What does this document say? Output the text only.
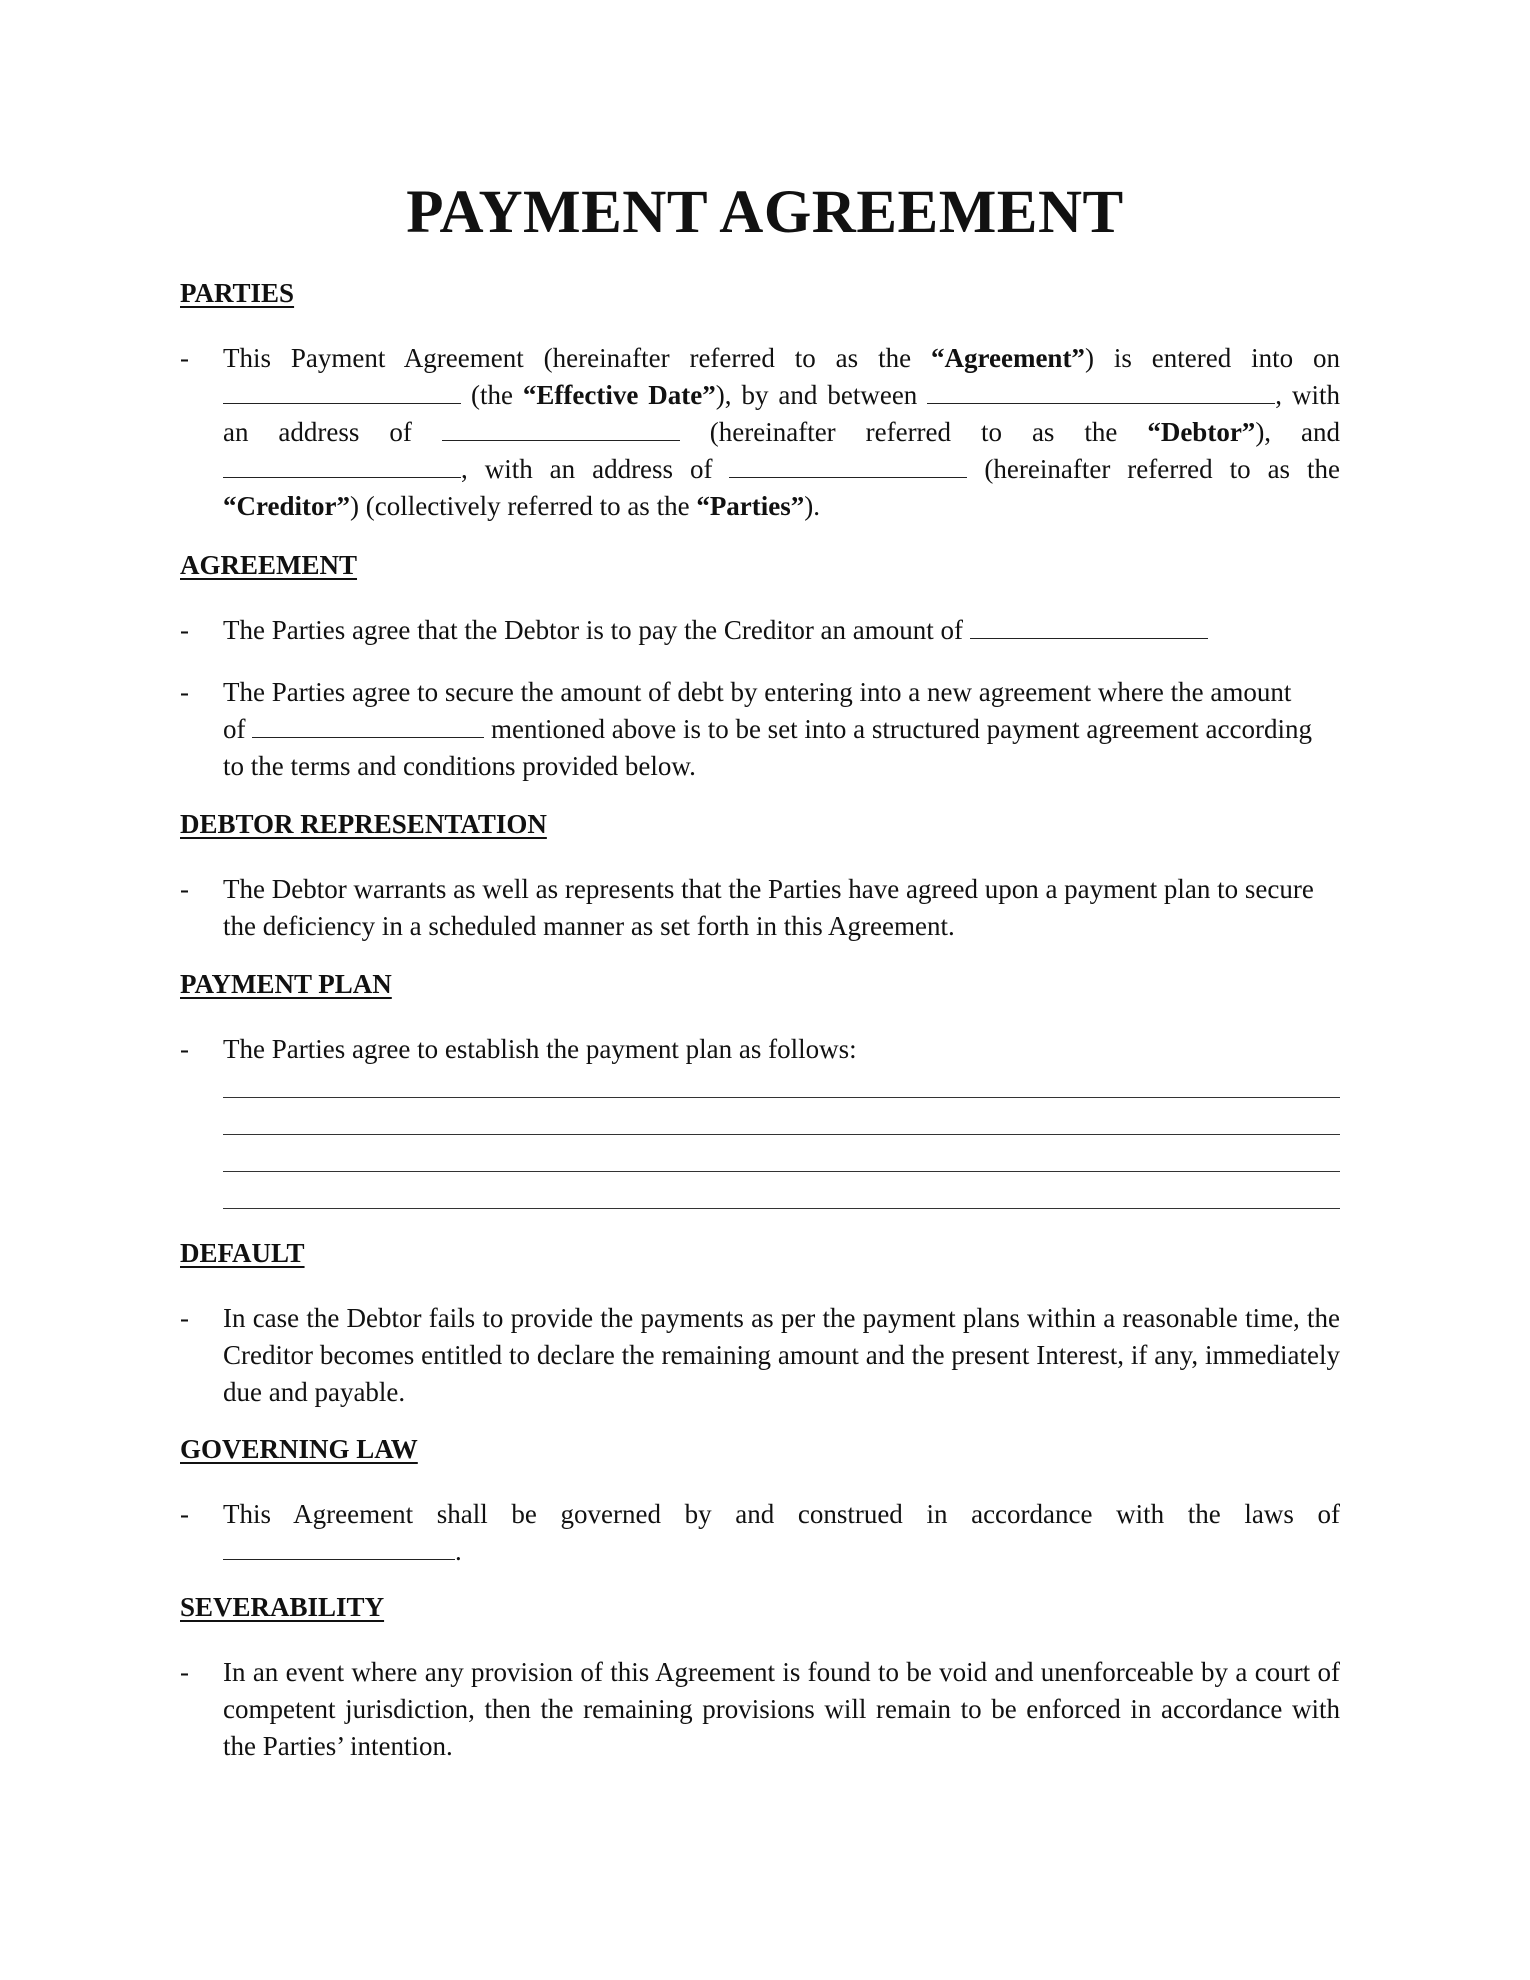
PAYMENT AGREEMENT
PARTIES
- This Payment Agreement (hereinafter referred to as the “Agreement”) is entered into on  (the “Effective Date”), by and between	, with an address of	(hereinafter referred to as the “Debtor”), and , with an address of	(hereinafter referred to as the “Creditor”) (collectively referred to as the “Parties”).
AGREEMENT
- The Parties agree that the Debtor is to pay the Creditor an amount of
- The Parties agree to secure the amount of debt by entering into a new agreement where the amount of	mentioned above is to be set into a structured payment agreement according to the terms and conditions provided below.
DEBTOR REPRESENTATION
- The Debtor warrants as well as represents that the Parties have agreed upon a payment plan to secure the deficiency in a scheduled manner as set forth in this Agreement.
PAYMENT PLAN
- The Parties agree to establish the payment plan as follows:
DEFAULT
- In case the Debtor fails to provide the payments as per the payment plans within a reasonable time, the Creditor becomes entitled to declare the remaining amount and the present Interest, if any, immediately due and payable.
GOVERNING LAW
- This Agreement shall be governed by and construed in accordance with the laws of .
SEVERABILITY
- In an event where any provision of this Agreement is found to be void and unenforceable by a court of competent jurisdiction, then the remaining provisions will remain to be enforced in accordance with the Parties’ intention.
